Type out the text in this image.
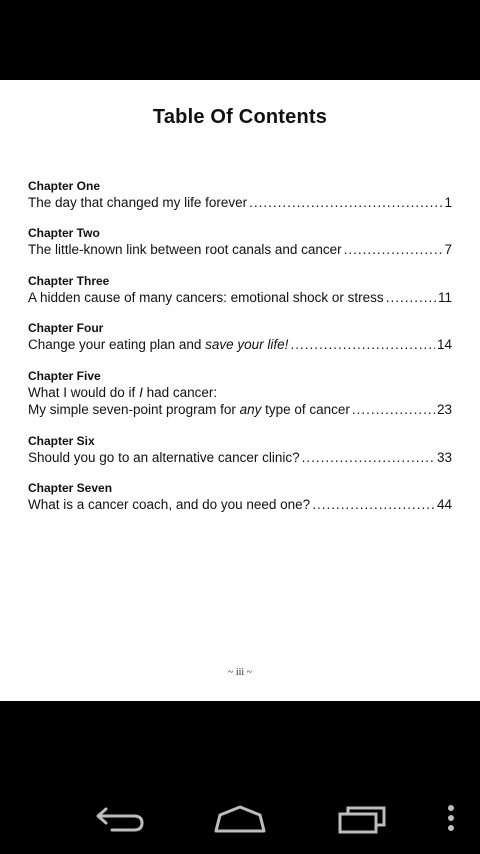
Table Of Contents
Chapter One
The day that changed my life forever .....	1
Chapter Two
The little-known link between root canals and cancer .....	7
Chapter Three
A hidden cause of many cancers: emotional shock or stress .....	11
Chapter Four
Change your eating plan and save your life! .....	14
Chapter Five
What I would do if I had cancer:
My simple seven-point program for any type of cancer .....	23
Chapter Six
Should you go to an alternative cancer clinic? .....	33
Chapter Seven
What is a cancer coach, and do you need one? .....	44
~ iii ~
